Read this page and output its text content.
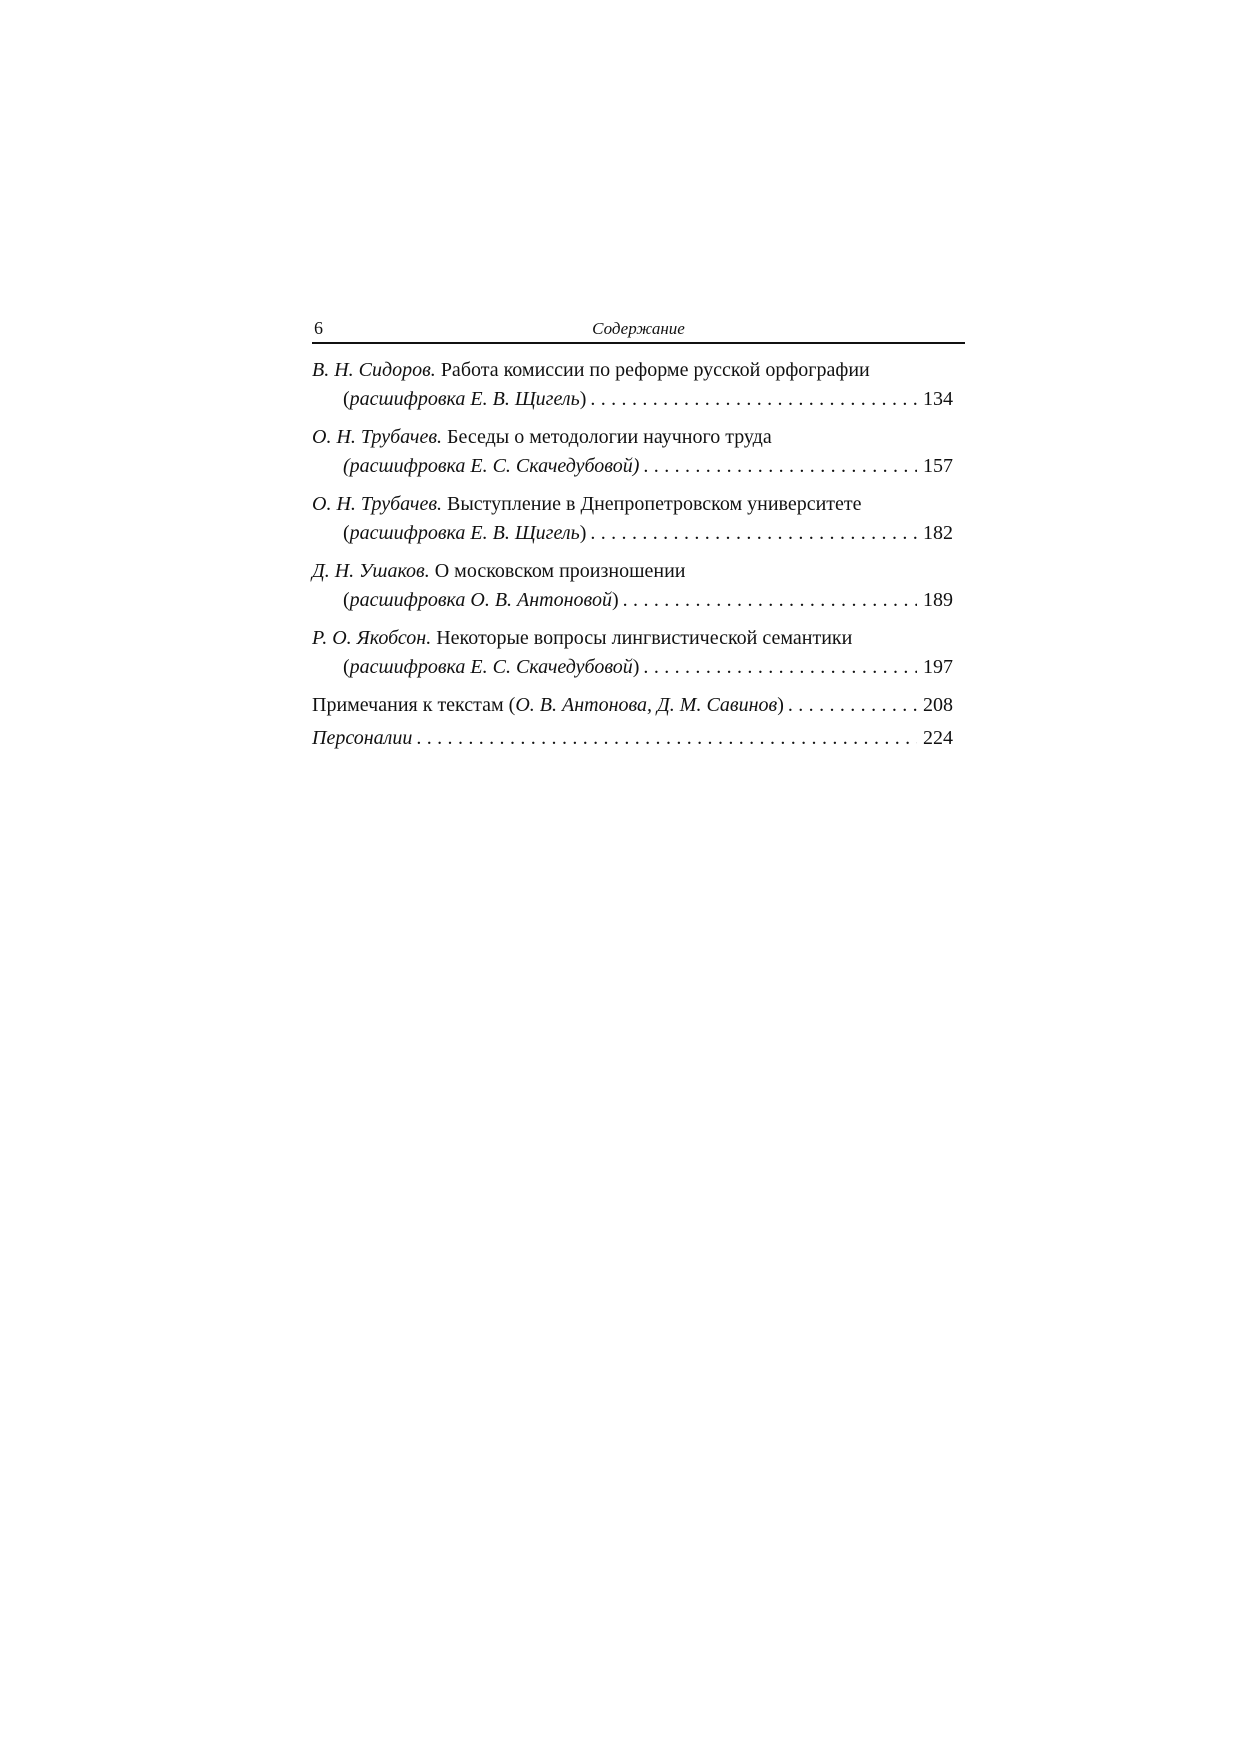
6	Содержание
В. Н. Сидоров. Работа комиссии по реформе русской орфографии
( расшифровка Е. В. Щигель ) . . .	134
О. Н. Трубачев. Беседы о методологии научного труда
(расшифровка Е. С. Скачедубовой) . . .	157
О. Н. Трубачев. Выступление в Днепропетровском университете
( расшифровка Е. В. Щигель ) . . .	182
Д. Н. Ушаков. О московском произношении
( расшифровка О. В. Антоновой ) . . .	189
Р. О. Якобсон. Некоторые вопросы лингвистической семантики
( расшифровка Е. С. Скачедубовой ) . . .	197
Примечания к текстам
( О. В. Антонова, Д. М. Савинов ) . . .	208
Персоналии . . .	224
